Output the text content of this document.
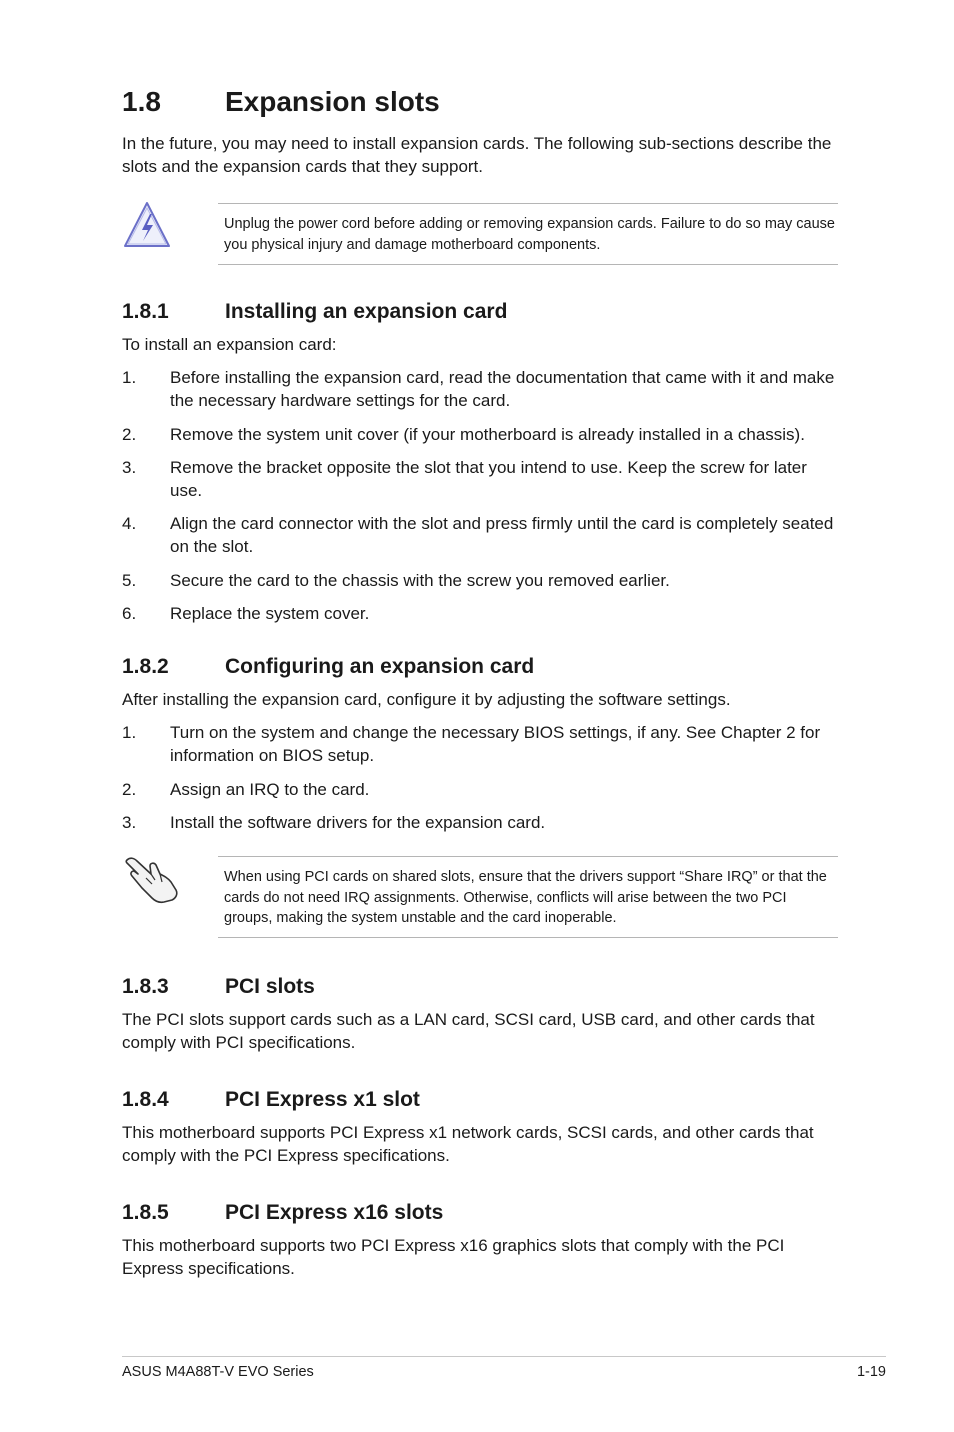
1.8 Expansion slots
In the future, you may need to install expansion cards. The following sub-sections describe the slots and the expansion cards that they support.
Unplug the power cord before adding or removing expansion cards. Failure to do so may cause you physical injury and damage motherboard components.
1.8.1	Installing an expansion card
To install an expansion card:
1. Before installing the expansion card, read the documentation that came with it and make the necessary hardware settings for the card.
2. Remove the system unit cover (if your motherboard is already installed in a chassis).
3. Remove the bracket opposite the slot that you intend to use. Keep the screw for later use.
4. Align the card connector with the slot and press firmly until the card is completely seated on the slot.
5. Secure the card to the chassis with the screw you removed earlier.
6. Replace the system cover.
1.8.2	Configuring an expansion card
After installing the expansion card, configure it by adjusting the software settings.
1. Turn on the system and change the necessary BIOS settings, if any. See Chapter 2 for information on BIOS setup.
2. Assign an IRQ to the card.
3. Install the software drivers for the expansion card.
When using PCI cards on shared slots, ensure that the drivers support “Share IRQ” or that the cards do not need IRQ assignments. Otherwise, conflicts will arise between the two PCI groups, making the system unstable and the card inoperable.
1.8.3	PCI slots
The PCI slots support cards such as a LAN card, SCSI card, USB card, and other cards that comply with PCI specifications.
1.8.4	PCI Express x1 slot
This motherboard supports PCI Express x1 network cards, SCSI cards, and other cards that comply with the PCI Express specifications.
1.8.5	PCI Express x16 slots
This motherboard supports two PCI Express x16 graphics slots that comply with the PCI Express specifications.
ASUS M4A88T-V EVO Series	1-19
